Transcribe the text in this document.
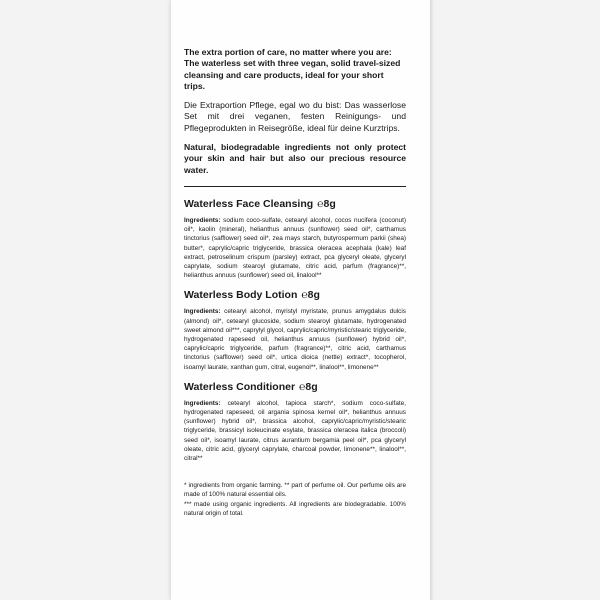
The extra portion of care, no matter where you are: The waterless set with three vegan, solid travel-sized cleansing and care products, ideal for your short trips.

Die Extraportion Pflege, egal wo du bist: Das wasserlose Set mit drei veganen, festen Reinigungs- und Pflegeprodukten in Reisegröße, ideal für deine Kurztrips.

Natural, biodegradable ingredients not only protect your skin and hair but also our precious resource water.

Waterless Face Cleansing ℮8g

Ingredients: sodium coco-sulfate, cetearyl alcohol, cocos nucifera (coconut) oil*, kaolin (mineral), helianthus annuus (sunflower) seed oil*, carthamus tinctorius (safflower) seed oil*, zea mays starch, butyrospermum parkii (shea) butter*, caprylic/capric triglyceride, brassica oleracea acephala (kale) leaf extract, petroselinum crispum (parsley) extract, pca glyceryl oleate, glyceryl caprylate, sodium stearoyl glutamate, citric acid, parfum (fragrance)**, helianthus annuus (sunflower) seed oil, linalool**

Waterless Body Lotion ℮8g

Ingredients: cetearyl alcohol, myristyl myristate, prunus amygdalus dulcis (almond) oil*, cetearyl glucoside, sodium stearoyl glutamate, hydrogenated sweet almond oil***, caprylyl glycol, caprylic/capric/myristic/stearic triglyceride, hydrogenated rapeseed oil, helianthus annuus (sunflower) hybrid oil*, caprylic/capric triglyceride, parfum (fragrance)**, citric acid, carthamus tinctorius (safflower) seed oil*, urtica dioica (nettle) extract*, tocopherol, isoamyl laurate, xanthan gum, citral, eugenol**, linalool**, limonene**

Waterless Conditioner ℮8g

Ingredients: cetearyl alcohol, tapioca starch*, sodium coco-sulfate, hydrogenated rapeseed, oil argania spinosa kernel oil*, helianthus annuus (sunflower) hybrid oil*, brassica alcohol, caprylic/capric/myristic/stearic triglyceride, brassicyl isoleucinate esylate, brassica oleracea italica (broccoli) seed oil*, isoamyl laurate, citrus aurantium bergamia peel oil*, pca glyceryl oleate, citric acid, glyceryl caprylate, charcoal powder, limonene**, linalool**, citral**

* ingredients from organic farming. ** part of perfume oil. Our perfume oils are made of 100% natural essential oils.

*** made using organic ingredients. All ingredients are biodegradable. 100% natural origin of total.
